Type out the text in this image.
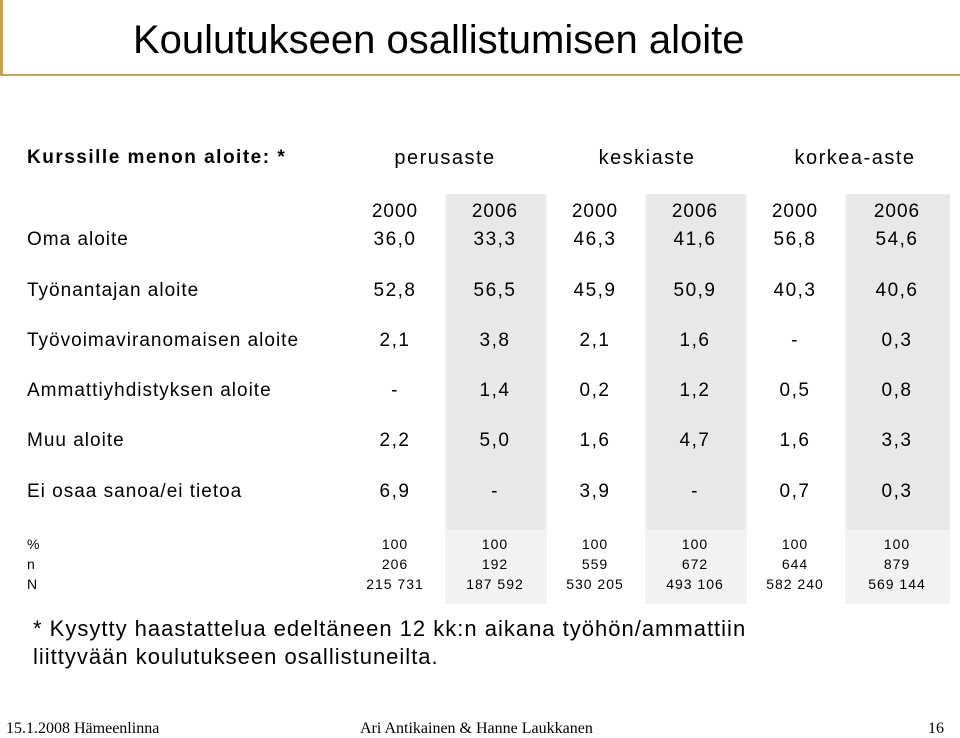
Koulutukseen osallistumisen aloite
Kurssille menon aloite: *	perusaste	keskiaste	korkea-aste
2000	2006	2000	2006	2000	2006
Oma aloite	36,0	33,3	46,3	41,6	56,8	54,6
Työnantajan aloite	52,8	56,5	45,9	50,9	40,3	40,6
Työvoimaviranomaisen aloite	2,1	3,8	2,1	1,6	-	0,3
Ammattiyhdistyksen aloite	-	1,4	0,2	1,2	0,5	0,8
Muu aloite	2,2	5,0	1,6	4,7	1,6	3,3
Ei osaa sanoa/ei tietoa	6,9	-	3,9	-	0,7	0,3
%	100	100	100	100	100	100
n	206	192	559	672	644	879
N	215 731	187 592	530 205	493 106	582 240	569 144
* Kysytty haastattelua edeltäneen 12 kk:n aikana työhön/ammattiin
liittyvään koulutukseen osallistuneilta.
15.1.2008 Hämeenlinna	Ari Antikainen & Hanne Laukkanen	16
